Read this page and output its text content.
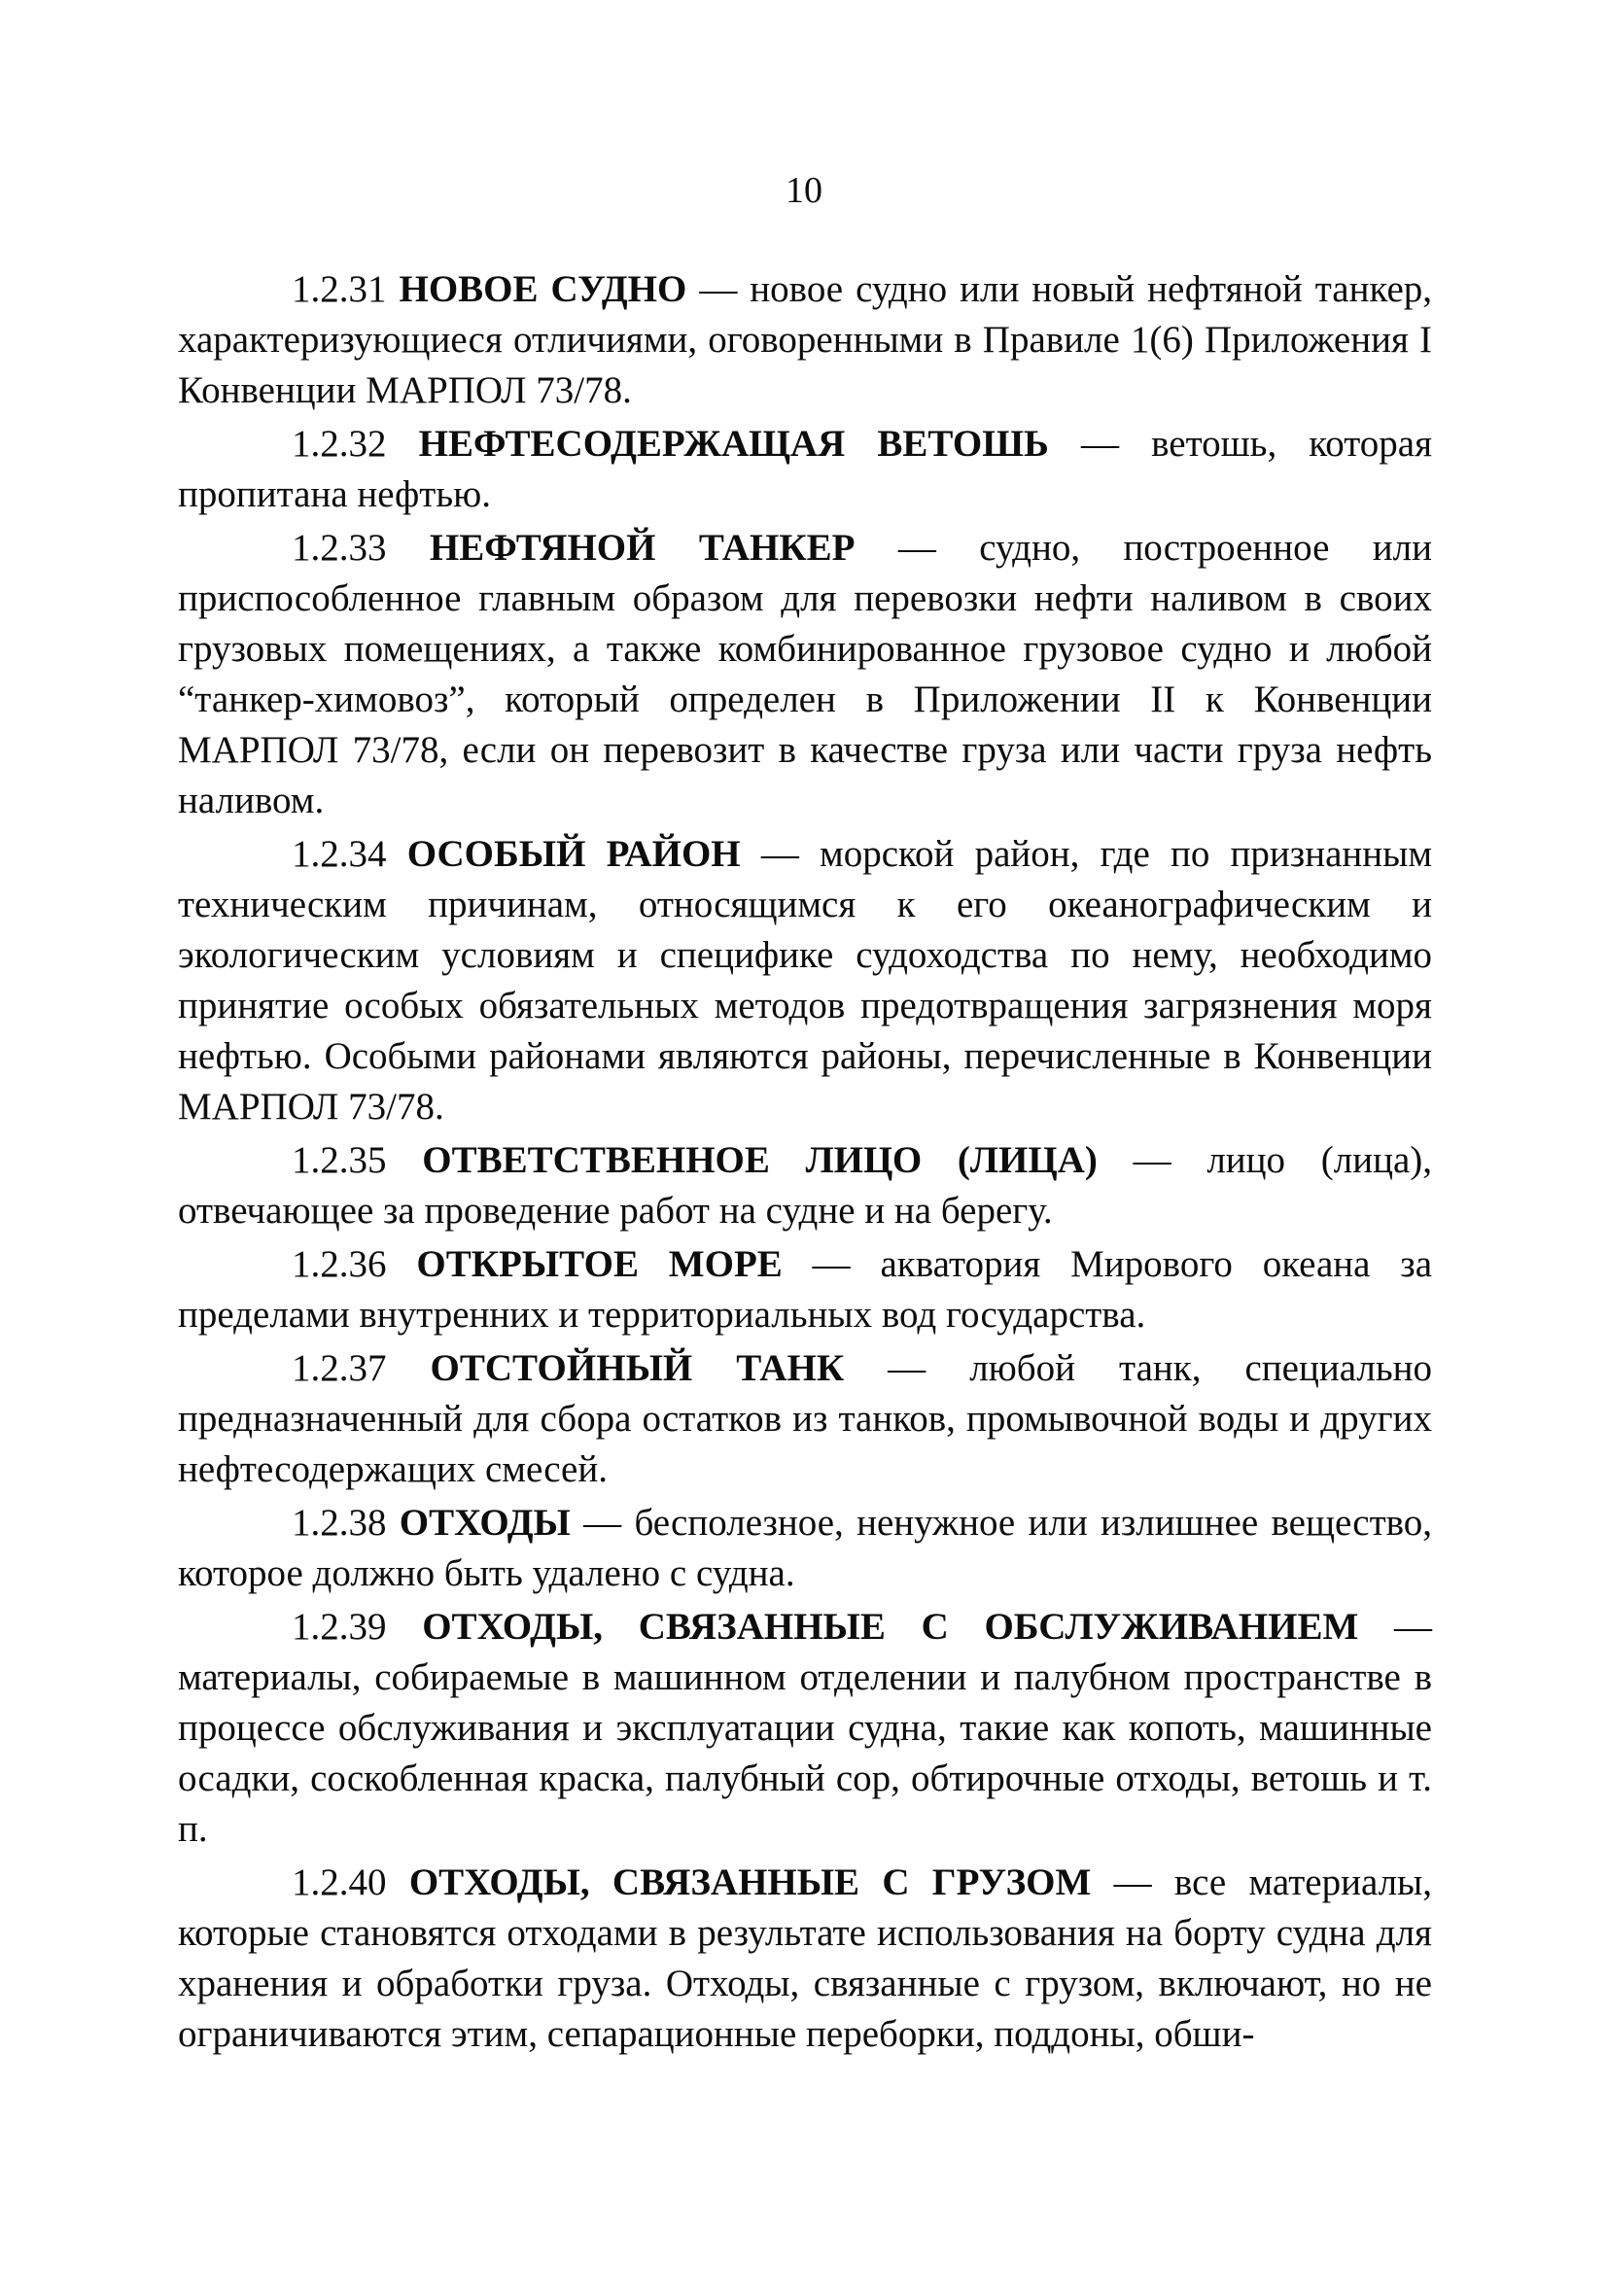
10

1.2.31 НОВОЕ СУДНО — новое судно или новый нефтяной танкер, характеризующиеся отличиями, оговоренными в Правиле 1(6) Приложения I Конвенции МАРПОЛ 73/78.

1.2.32 НЕФТЕСОДЕРЖАЩАЯ ВЕТОШЬ — ветошь, которая пропитана нефтью.

1.2.33 НЕФТЯНОЙ ТАНКЕР — судно, построенное или приспособленное главным образом для перевозки нефти наливом в своих грузовых помещениях, а также комбинированное грузовое судно и любой “танкер-химовоз”, который определен в Приложении II к Конвенции МАРПОЛ 73/78, если он перевозит в качестве груза или части груза нефть наливом.

1.2.34 ОСОБЫЙ РАЙОН — морской район, где по признанным техническим причинам, относящимся к его океанографическим и экологическим условиям и специфике судоходства по нему, необходимо принятие особых обязательных методов предотвращения загрязнения моря нефтью. Особыми районами являются районы, перечисленные в Конвенции МАРПОЛ 73/78.

1.2.35 ОТВЕТСТВЕННОЕ ЛИЦО (ЛИЦА) — лицо (лица), отвечающее за проведение работ на судне и на берегу.

1.2.36 ОТКРЫТОЕ МОРЕ — акватория Мирового океана за пределами внутренних и территориальных вод государства.

1.2.37 ОТСТОЙНЫЙ ТАНК — любой танк, специально предназначенный для сбора остатков из танков, промывочной воды и других нефтесодержащих смесей.

1.2.38 ОТХОДЫ — бесполезное, ненужное или излишнее вещество, которое должно быть удалено с судна.

1.2.39 ОТХОДЫ, СВЯЗАННЫЕ С ОБСЛУЖИВАНИЕМ — материалы, собираемые в машинном отделении и палубном пространстве в процессе обслуживания и эксплуатации судна, такие как копоть, машинные осадки, соскобленная краска, палубный сор, обтирочные отходы, ветошь и т. п.

1.2.40 ОТХОДЫ, СВЯЗАННЫЕ С ГРУЗОМ — все материалы, которые становятся отходами в результате использования на борту судна для хранения и обработки груза. Отходы, связанные с грузом, включают, но не ограничиваются этим, сепарационные переборки, поддоны, обши-
